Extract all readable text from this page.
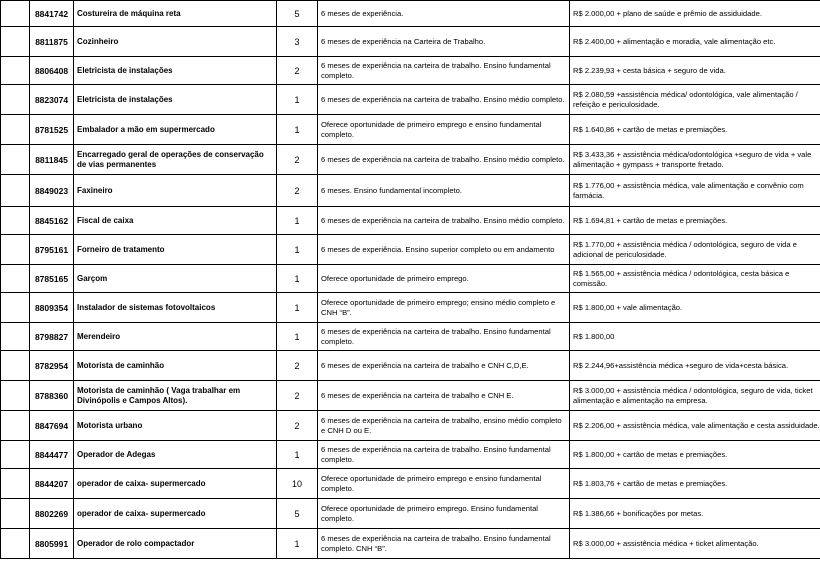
	8841742	Costureira de máquina reta	5	6 meses de experiência.	R$ 2.000,00 + plano de saúde e prêmio de assiduidade.
	8811875	Cozinheiro	3	6 meses de experiência na Carteira de Trabalho.	R$ 2.400,00 + alimentação e moradia, vale alimentação etc.
	8806408	Eletricista de instalações	2	6 meses de experiência na carteira de trabalho. Ensino fundamental completo.	R$ 2.239,93 + cesta básica + seguro de vida.
	8823074	Eletricista de instalações	1	6 meses de experiência na carteira de trabalho. Ensino médio completo.	R$ 2.080,59 +assistência médica/ odontológica, vale alimentação / refeição e periculosidade.
	8781525	Embalador a mão em supermercado	1	Oferece oportunidade de primeiro emprego e ensino fundamental completo.	R$ 1.640,86 + cartão de metas e premiações.
	8811845	Encarregado geral de operações de conservação de vias permanentes	2	6 meses de experiência na carteira de trabalho. Ensino médio completo.	R$ 3.433,36 + assistência médica/odontológica +seguro de vida + vale alimentação + gympass + transporte fretado.
	8849023	Faxineiro	2	6 meses. Ensino fundamental incompleto.	R$ 1.776,00 + assistência médica, vale alimentação e convênio com farmácia.
	8845162	Fiscal de caixa	1	6 meses de experiência na carteira de trabalho. Ensino médio completo.	R$ 1.694,81 + cartão de metas e premiações.
	8795161	Forneiro de tratamento	1	6 meses de experiência. Ensino superior completo ou em andamento	R$ 1.770,00 + assistência médica / odontológica, seguro de vida e adicional de periculosidade.
	8785165	Garçom	1	Oferece oportunidade de primeiro emprego.	R$ 1.565,00 + assistência médica / odontológica, cesta básica e comissão.
	8809354	Instalador de sistemas fotovoltaicos	1	Oferece oportunidade de primeiro emprego; ensino médio completo e CNH “B”.	R$ 1.800,00 + vale alimentação.
	8798827	Merendeiro	1	6 meses de experiência na carteira de trabalho. Ensino fundamental completo.	R$ 1.800,00
	8782954	Motorista de caminhão	2	6 meses de experiência na carteira de trabalho e CNH C,D,E.	R$ 2.244,96+assistência médica +seguro de vida+cesta básica.
	8788360	Motorista de caminhão ( Vaga trabalhar em Divinópolis e Campos Altos).	2	6 meses de experiência na carteira de trabalho e CNH E.	R$ 3.000,00 + assistência médica / odontológica, seguro de vida, ticket alimentação e alimentação na empresa.
	8847694	Motorista urbano	2	6 meses de experiência na carteira de trabalho, ensino médio completo e CNH D ou E.	R$ 2.206,00 + assistência médica, vale alimentação e cesta assiduidade.
	8844477	Operador de Adegas	1	6 meses de experiência na carteira de trabalho. Ensino fundamental completo.	R$ 1.800,00 + cartão de metas e premiações.
	8844207	operador de caixa- supermercado	10	Oferece oportunidade de primeiro emprego e ensino fundamental completo.	R$ 1.803,76 + cartão de metas e premiações.
	8802269	operador de caixa- supermercado	5	Oferece oportunidade de primeiro emprego. Ensino fundamental completo.	R$ 1.386,66 + bonificações por metas.
	8805991	Operador de rolo compactador	1	6 meses de experiência na carteira de trabalho. Ensino fundamental completo. CNH “B”.	R$ 3.000,00 + assistência médica + ticket alimentação.
